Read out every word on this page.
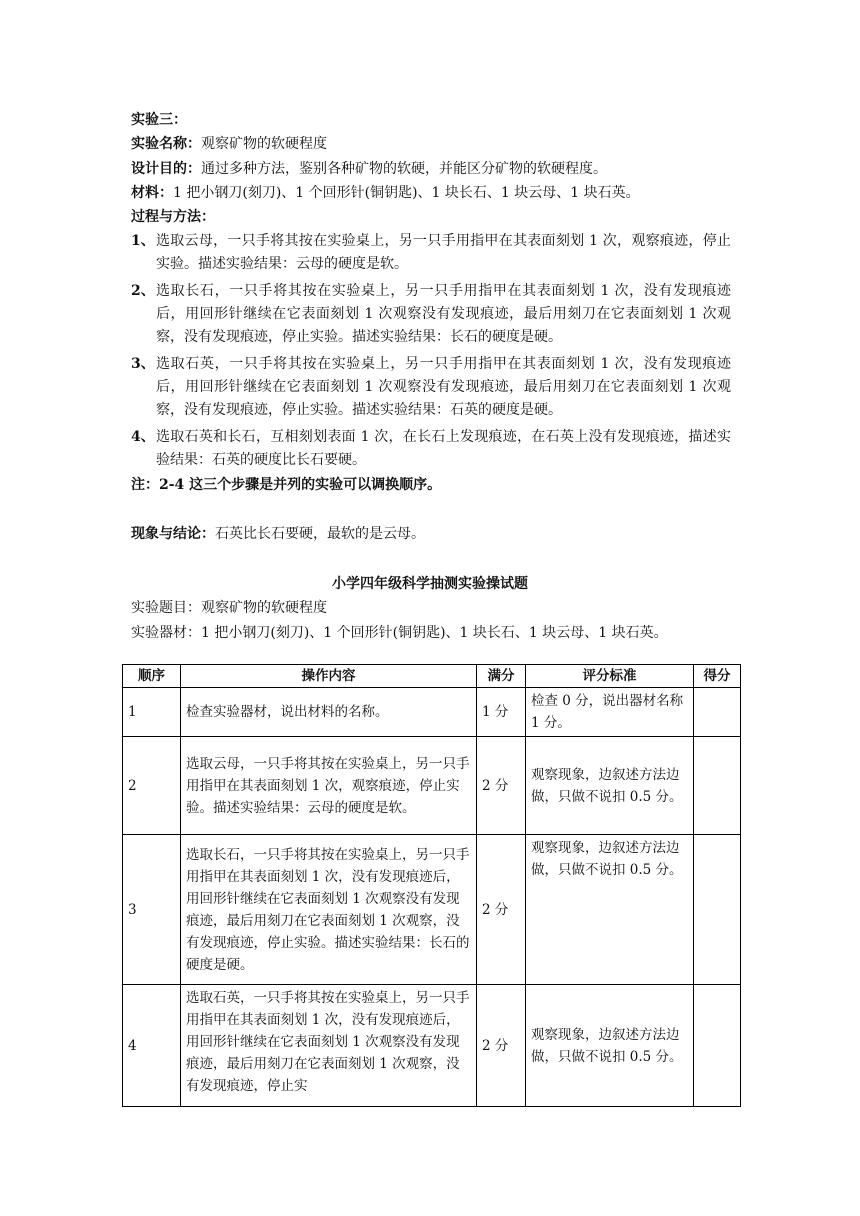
实验三：
实验名称：观察矿物的软硬程度
设计目的：通过多种方法，鉴别各种矿物的软硬，并能区分矿物的软硬程度。
材料：1 把小钢刀(刻刀)、1 个回形针(铜钥匙)、1 块长石、1 块云母、1 块石英。
过程与方法：
1、 选取云母，一只手将其按在实验桌上，另一只手用指甲在其表面刻划 1 次，观察痕迹，停止实验。描述实验结果：云母的硬度是软。
2、 选取长石，一只手将其按在实验桌上，另一只手用指甲在其表面刻划 1 次，没有发现痕迹后，用回形针继续在它表面刻划 1 次观察没有发现痕迹，最后用刻刀在它表面刻划 1 次观察，没有发现痕迹，停止实验。描述实验结果：长石的硬度是硬。
3、 选取石英，一只手将其按在实验桌上，另一只手用指甲在其表面刻划 1 次，没有发现痕迹后，用回形针继续在它表面刻划 1 次观察没有发现痕迹，最后用刻刀在它表面刻划 1 次观察，没有发现痕迹，停止实验。描述实验结果：石英的硬度是硬。
4、 选取石英和长石，互相刻划表面 1 次，在长石上发现痕迹，在石英上没有发现痕迹，描述实验结果：石英的硬度比长石要硬。
注：2-4 这三个步骤是并列的实验可以调换顺序。
现象与结论：石英比长石要硬，最软的是云母。
小学四年级科学抽测实验操试题
实验题目：观察矿物的软硬程度
实验器材：1 把小钢刀(刻刀)、1 个回形针(铜钥匙)、1 块长石、1 块云母、1 块石英。
顺序	操作内容	满分	评分标准	得分
1	检查实验器材，说出材料的名称。	1 分	检查 0 分，说出器材名称 1 分。	
2	选取云母，一只手将其按在实验桌上，另一只手用指甲在其表面刻划 1 次，观察痕迹，停止实验。描述实验结果：云母的硬度是软。	2 分	观察现象，边叙述方法边做，只做不说扣 0.5 分。	
3	选取长石，一只手将其按在实验桌上，另一只手用指甲在其表面刻划 1 次，没有发现痕迹后，用回形针继续在它表面刻划 1 次观察没有发现痕迹，最后用刻刀在它表面刻划 1 次观察，没有发现痕迹，停止实验。描述实验结果：长石的硬度是硬。	2 分	观察现象，边叙述方法边做，只做不说扣 0.5 分。	
4	选取石英，一只手将其按在实验桌上，另一只手用指甲在其表面刻划 1 次，没有发现痕迹后，用回形针继续在它表面刻划 1 次观察没有发现痕迹，最后用刻刀在它表面刻划 1 次观察，没有发现痕迹，停止实	2 分	观察现象，边叙述方法边做，只做不说扣 0.5 分。	
